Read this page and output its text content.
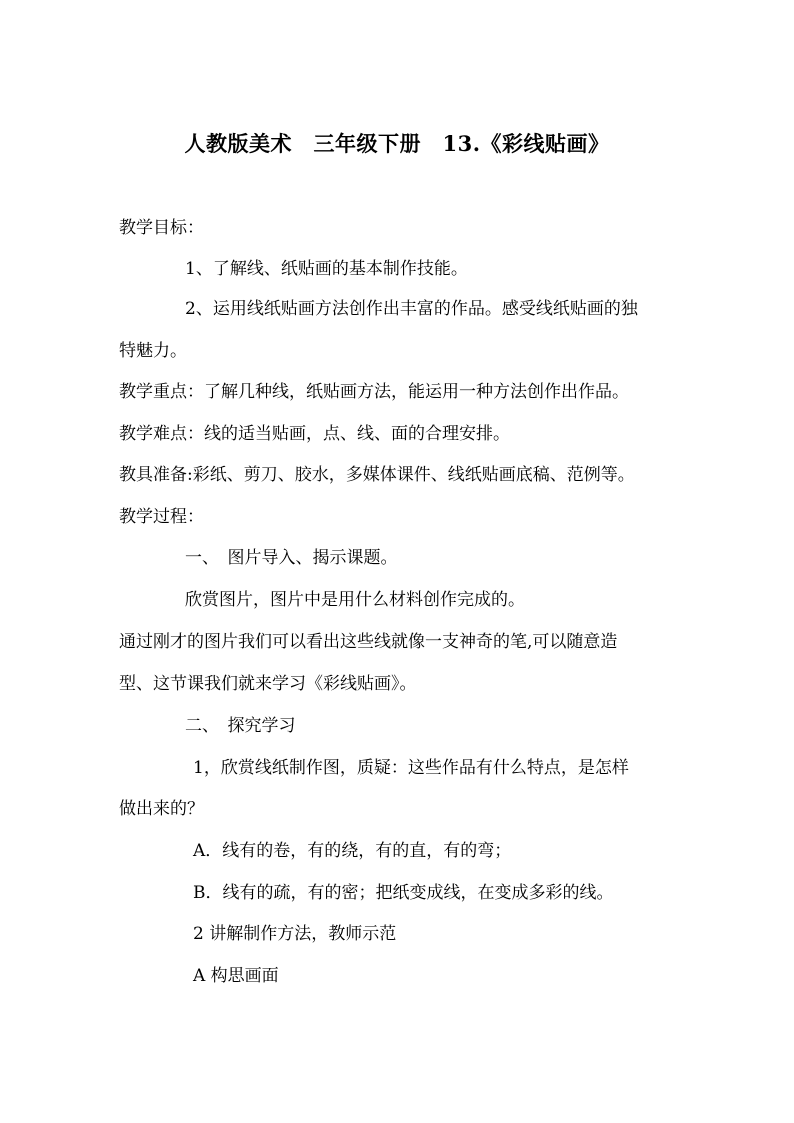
人教版美术　三年级下册　13.《彩线贴画》
教学目标：
1、了解线、纸贴画的基本制作技能。
2、运用线纸贴画方法创作出丰富的作品。感受线纸贴画的独
特魅力。
教学重点：了解几种线，纸贴画方法，能运用一种方法创作出作品。
教学难点：线的适当贴画，点、线、面的合理安排。
教具准备:彩纸、剪刀、胶水，多媒体课件、线纸贴画底稿、范例等。
教学过程：
一、　图片导入、揭示课题。
欣赏图片，图片中是用什么材料创作完成的。
通过刚才的图片我们可以看出这些线就像一支神奇的笔,可以随意造
型、这节课我们就来学习《彩线贴画》。
二、　探究学习
1，欣赏线纸制作图，质疑：这些作品有什么特点，是怎样
做出来的？
A．线有的卷，有的绕，有的直，有的弯；
B．线有的疏，有的密；把纸变成线，在变成多彩的线。
2 讲解制作方法，教师示范
A 构思画面
